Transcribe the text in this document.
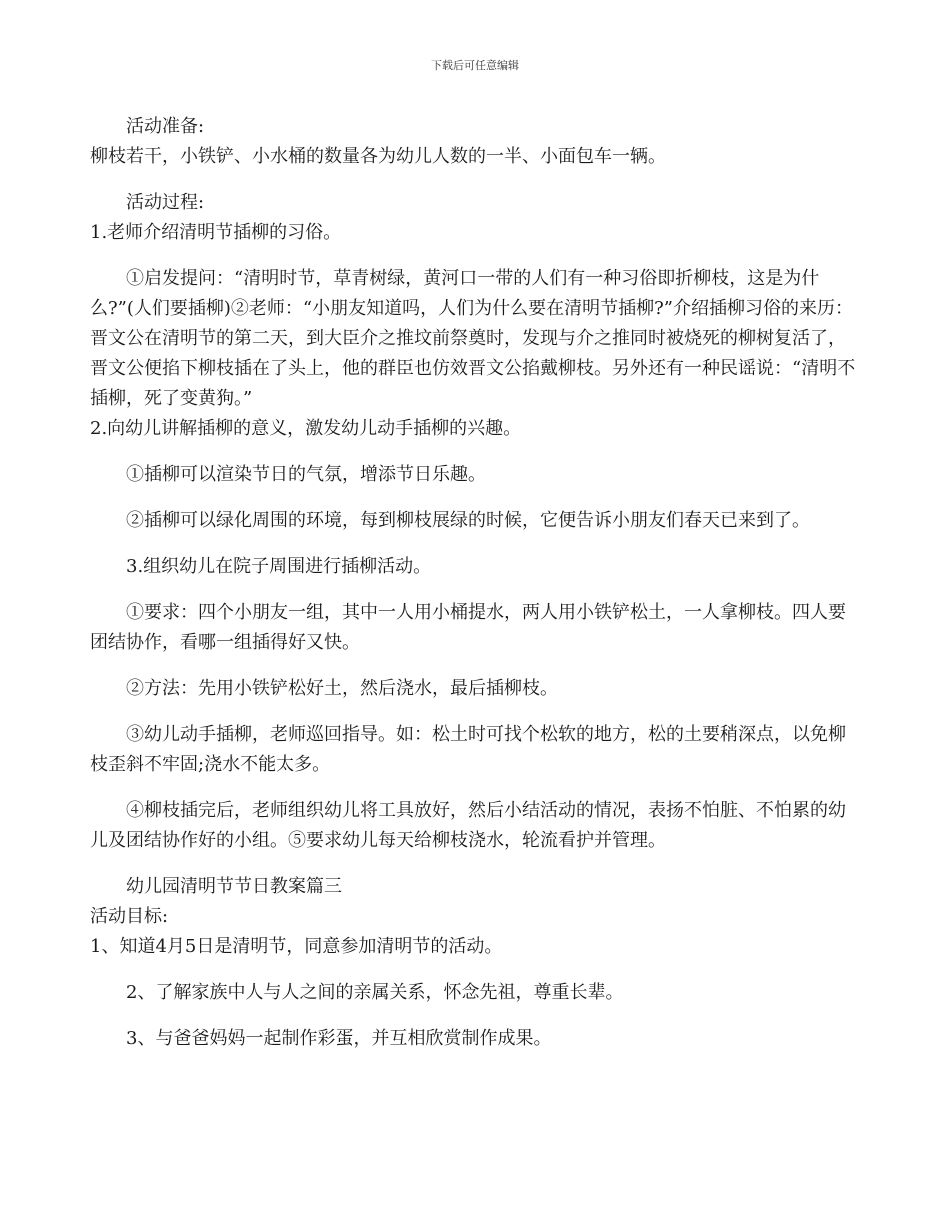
下载后可任意编辑

活动准备:

柳枝若干，小铁铲、小水桶的数量各为幼儿人数的一半、小面包车一辆。

活动过程:

1.老师介绍清明节插柳的习俗。

①启发提问：“清明时节，草青树绿，黄河口一带的人们有一种习俗即折柳枝，这是为什么?”(人们要插柳)②老师：“小朋友知道吗，人们为什么要在清明节插柳?”介绍插柳习俗的来历：晋文公在清明节的第二天，到大臣介之推坟前祭奠时，发现与介之推同时被烧死的柳树复活了，晋文公便掐下柳枝插在了头上，他的群臣也仿效晋文公掐戴柳枝。另外还有一种民谣说：“清明不插柳，死了变黄狗。”

2.向幼儿讲解插柳的意义，激发幼儿动手插柳的兴趣。

①插柳可以渲染节日的气氛，增添节日乐趣。

②插柳可以绿化周围的环境，每到柳枝展绿的时候，它便告诉小朋友们春天已来到了。

3.组织幼儿在院子周围进行插柳活动。

①要求：四个小朋友一组，其中一人用小桶提水，两人用小铁铲松土，一人拿柳枝。四人要团结协作，看哪一组插得好又快。

②方法：先用小铁铲松好土，然后浇水，最后插柳枝。

③幼儿动手插柳，老师巡回指导。如：松土时可找个松软的地方，松的土要稍深点，以免柳枝歪斜不牢固;浇水不能太多。

④柳枝插完后，老师组织幼儿将工具放好，然后小结活动的情况，表扬不怕脏、不怕累的幼儿及团结协作好的小组。⑤要求幼儿每天给柳枝浇水，轮流看护并管理。

幼儿园清明节节日教案篇三

活动目标:

1、知道4月5日是清明节，同意参加清明节的活动。

2、了解家族中人与人之间的亲属关系，怀念先祖，尊重长辈。

3、与爸爸妈妈一起制作彩蛋，并互相欣赏制作成果。
